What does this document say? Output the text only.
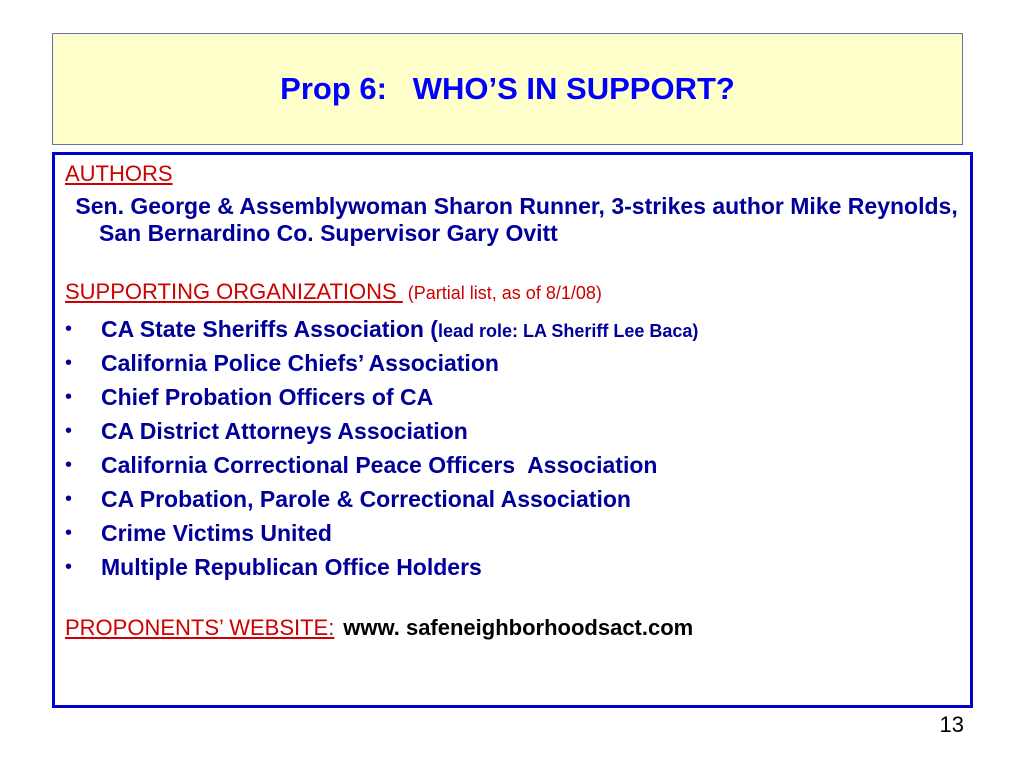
Prop 6:   WHO’S IN SUPPORT?
AUTHORS

Sen. George & Assemblywoman Sharon Runner, 3-strikes author Mike Reynolds, San Bernardino Co. Supervisor Gary Ovitt

SUPPORTING ORGANIZATIONS  (Partial list, as of 8/1/08)
• CA State Sheriffs Association (lead role: LA Sheriff Lee Baca)
• California Police Chiefs’ Association
• Chief Probation Officers of CA
• CA District Attorneys Association
• California Correctional Peace Officers  Association
• CA Probation, Parole & Correctional Association
• Crime Victims United
• Multiple Republican Office Holders
PROPONENTS’ WEBSITE: www. safeneighborhoodsact.com
13
